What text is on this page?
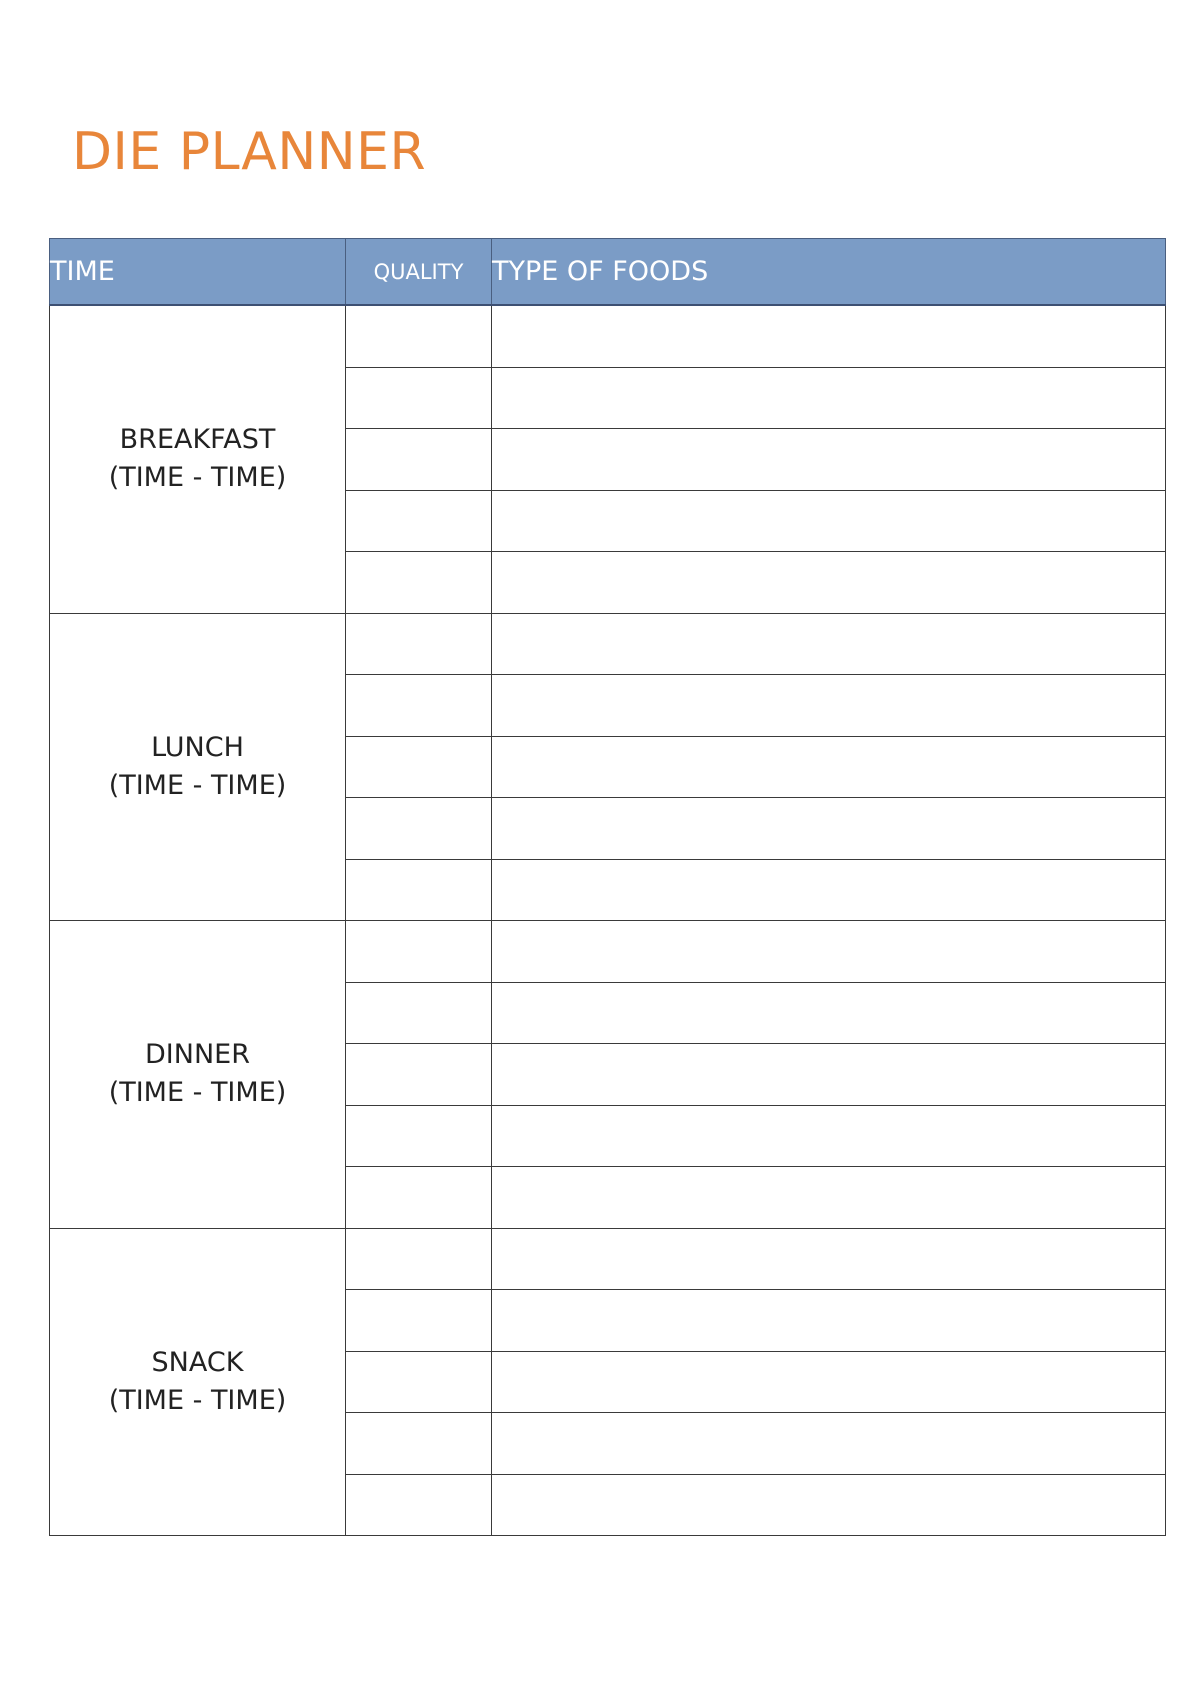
DIE PLANNER
TIME	QUALITY	TYPE OF FOODS

BREAKFAST
(TIME - TIME)		

LUNCH
(TIME - TIME)		

DINNER
(TIME - TIME)		

SNACK
(TIME - TIME)		
